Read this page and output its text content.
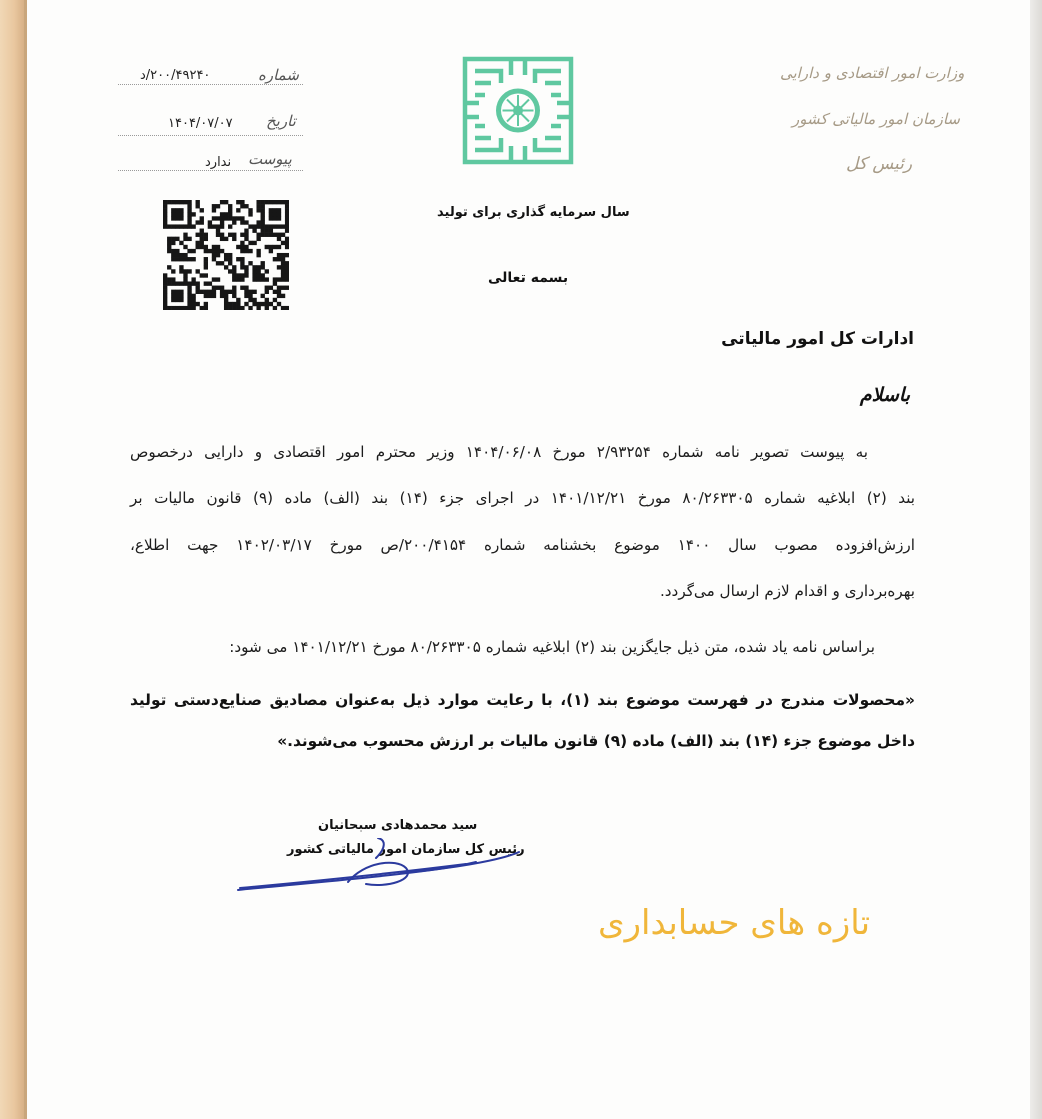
شماره
۲۰۰/۴۹۲۴۰/د
تاریخ
۱۴۰۴/۰۷/۰۷
پیوست
ندارد
وزارت امور اقتصادی و دارایی
سازمان امور مالیاتی کشور
رئیس کل
سال سرمایه گذاری برای تولید
بسمه تعالی
ادارات کل امور مالیاتی
باسلام
به پیوست تصویر نامه شماره ۲/۹۳۲۵۴ مورخ ۱۴۰۴/۰۶/۰۸ وزیر محترم امور اقتصادی و دارایی درخصوص
بند (۲) ابلاغیه شماره ۸۰/۲۶۳۳۰۵ مورخ ۱۴۰۱/۱۲/۲۱ در اجرای جزء (۱۴) بند (الف) ماده (۹) قانون مالیات بر
ارزش‌افزوده مصوب سال ۱۴۰۰ موضوع بخشنامه شماره ۲۰۰/۴۱۵۴/ص مورخ ۱۴۰۲/۰۳/۱۷ جهت اطلاع،
بهره‌برداری و اقدام لازم ارسال می‌گردد.
براساس نامه یاد شده، متن ذیل جایگزین بند (۲) ابلاغیه شماره ۸۰/۲۶۳۳۰۵ مورخ ۱۴۰۱/۱۲/۲۱ می شود:
«محصولات مندرج در فهرست موضوع بند (۱)، با رعایت موارد ذیل به‌عنوان مصادیق صنایع‌دستی تولید
داخل موضوع جزء (۱۴) بند (الف) ماده (۹) قانون مالیات بر ارزش محسوب می‌شوند.»
سید محمدهادی سبحانیان
رئیس کل سازمان امور مالیاتی کشور
تازه های حسابداری
